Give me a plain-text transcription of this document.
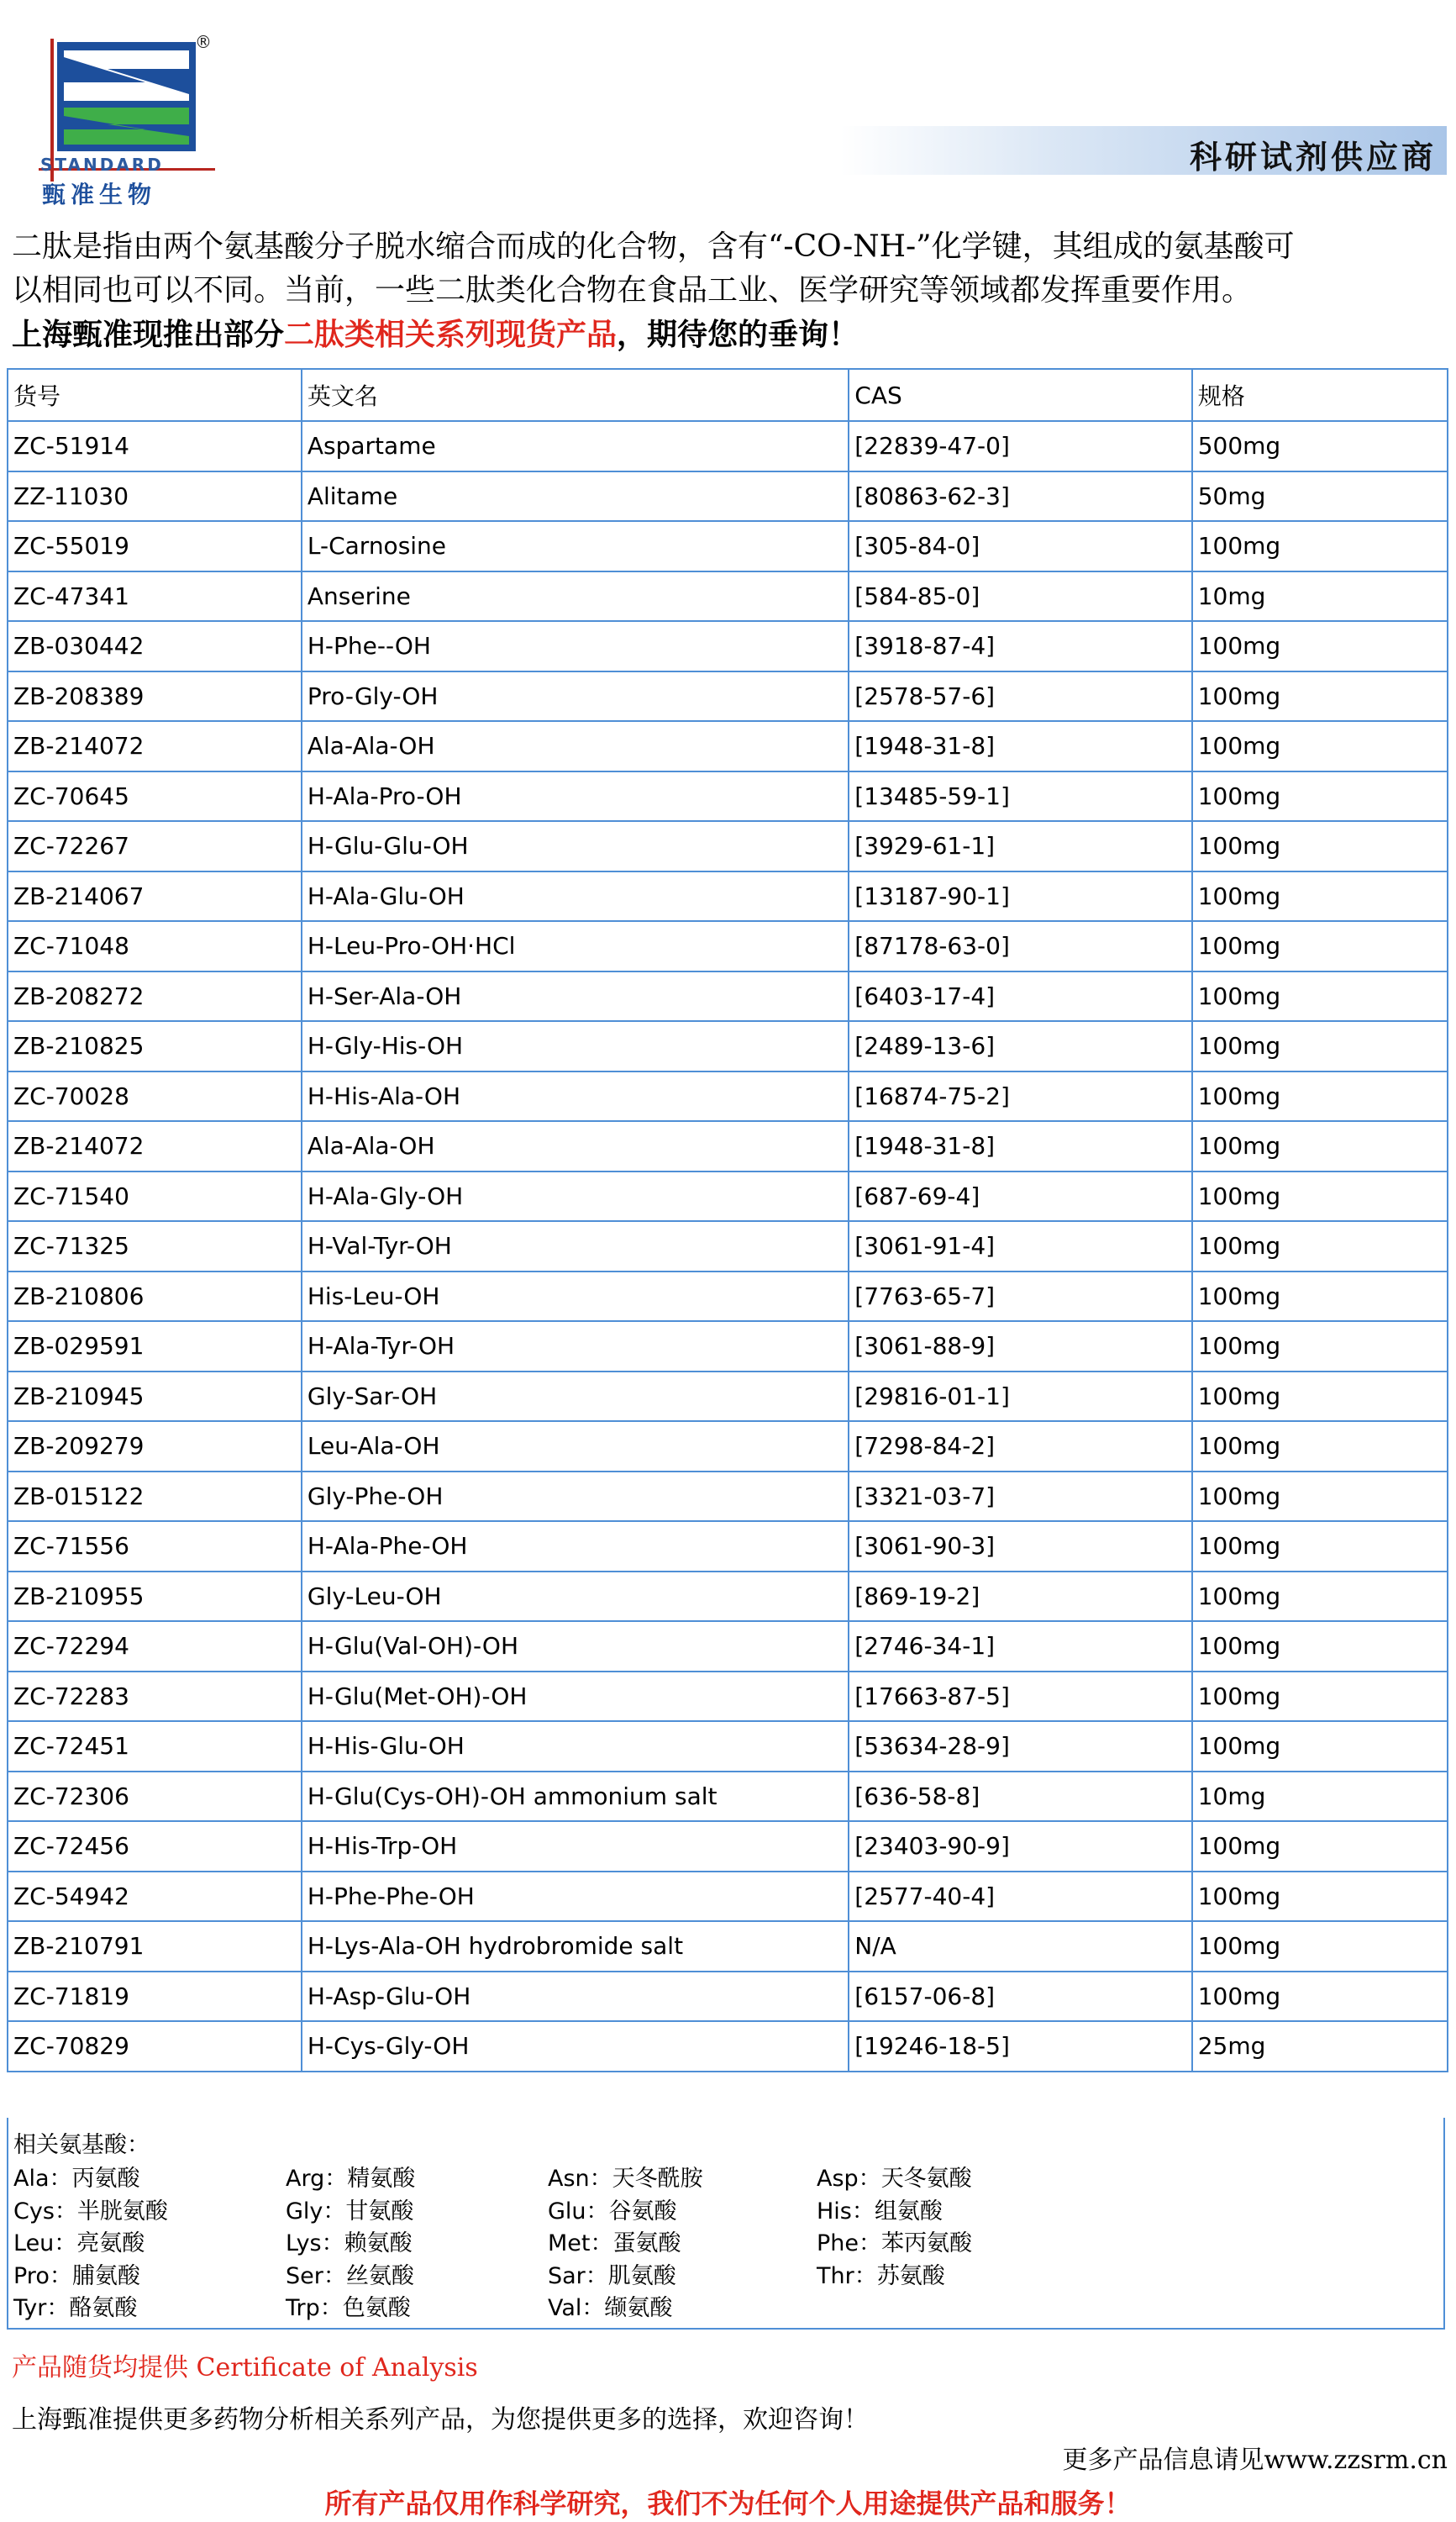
®
STANDARD
甄准生物
科研试剂供应商
二肽是指由两个氨基酸分子脱水缩合而成的化合物，含有“-CO-NH-”化学键，其组成的氨基酸可
以相同也可以不同。当前，一些二肽类化合物在食品工业、医学研究等领域都发挥重要作用。
上海甄准现推出部分二肽类相关系列现货产品，期待您的垂询！
货号	英文名	CAS	规格
ZC-51914	Aspartame	[22839-47-0]	500mg
ZZ-11030	Alitame	[80863-62-3]	50mg
ZC-55019	L-Carnosine	[305-84-0]	100mg
ZC-47341	Anserine	[584-85-0]	10mg
ZB-030442	H-Phe--OH	[3918-87-4]	100mg
ZB-208389	Pro-Gly-OH	[2578-57-6]	100mg
ZB-214072	Ala-Ala-OH	[1948-31-8]	100mg
ZC-70645	H-Ala-Pro-OH	[13485-59-1]	100mg
ZC-72267	H-Glu-Glu-OH	[3929-61-1]	100mg
ZB-214067	H-Ala-Glu-OH	[13187-90-1]	100mg
ZC-71048	H-Leu-Pro-OH·HCl	[87178-63-0]	100mg
ZB-208272	H-Ser-Ala-OH	[6403-17-4]	100mg
ZB-210825	H-Gly-His-OH	[2489-13-6]	100mg
ZC-70028	H-His-Ala-OH	[16874-75-2]	100mg
ZB-214072	Ala-Ala-OH	[1948-31-8]	100mg
ZC-71540	H-Ala-Gly-OH	[687-69-4]	100mg
ZC-71325	H-Val-Tyr-OH	[3061-91-4]	100mg
ZB-210806	His-Leu-OH	[7763-65-7]	100mg
ZB-029591	H-Ala-Tyr-OH	[3061-88-9]	100mg
ZB-210945	Gly-Sar-OH	[29816-01-1]	100mg
ZB-209279	Leu-Ala-OH	[7298-84-2]	100mg
ZB-015122	Gly-Phe-OH	[3321-03-7]	100mg
ZC-71556	H-Ala-Phe-OH	[3061-90-3]	100mg
ZB-210955	Gly-Leu-OH	[869-19-2]	100mg
ZC-72294	H-Glu(Val-OH)-OH	[2746-34-1]	100mg
ZC-72283	H-Glu(Met-OH)-OH	[17663-87-5]	100mg
ZC-72451	H-His-Glu-OH	[53634-28-9]	100mg
ZC-72306	H-Glu(Cys-OH)-OH ammonium salt	[636-58-8]	10mg
ZC-72456	H-His-Trp-OH	[23403-90-9]	100mg
ZC-54942	H-Phe-Phe-OH	[2577-40-4]	100mg
ZB-210791	H-Lys-Ala-OH hydrobromide salt	N/A	100mg
ZC-71819	H-Asp-Glu-OH	[6157-06-8]	100mg
ZC-70829	H-Cys-Gly-OH	[19246-18-5]	25mg
相关氨基酸：
Ala：丙氨酸	Arg：精氨酸	Asn：天冬酰胺	Asp：天冬氨酸
Cys：半胱氨酸	Gly：甘氨酸	Glu：谷氨酸	His：组氨酸
Leu：亮氨酸	Lys：赖氨酸	Met：蛋氨酸	Phe：苯丙氨酸
Pro：脯氨酸	Ser：丝氨酸	Sar：肌氨酸	Thr：苏氨酸
Tyr：酪氨酸	Trp：色氨酸	Val：缬氨酸
产品随货均提供 Certificate of Analysis
上海甄准提供更多药物分析相关系列产品，为您提供更多的选择，欢迎咨询！
更多产品信息请见www.zzsrm.cn
所有产品仅用作科学研究，我们不为任何个人用途提供产品和服务！
